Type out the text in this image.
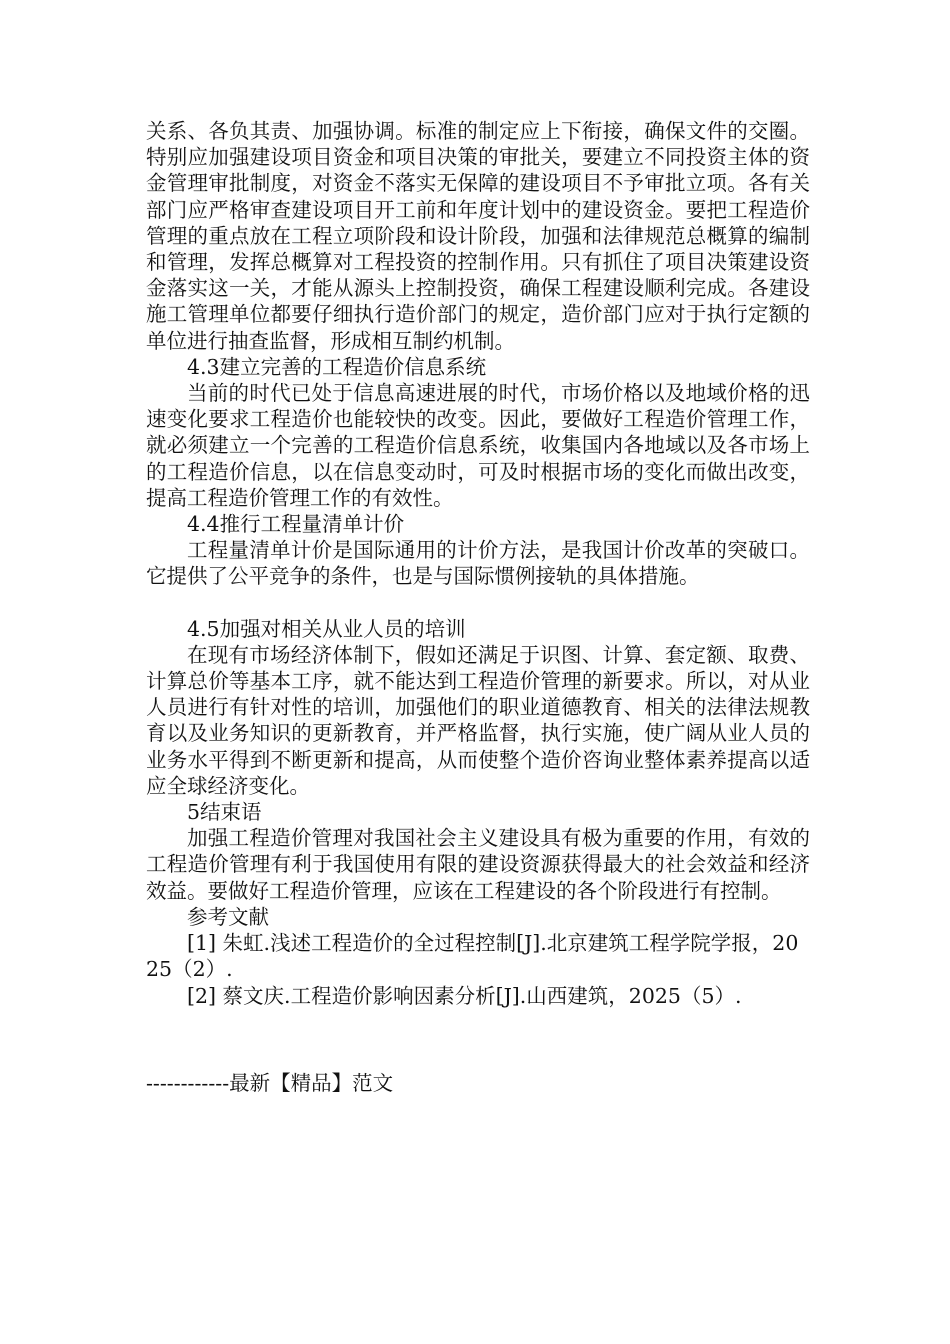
关系、各负其责、加强协调。标准的制定应上下衔接，确保文件的交圈。特别应加强建设项目资金和项目决策的审批关，要建立不同投资主体的资金管理审批制度，对资金不落实无保障的建设项目不予审批立项。各有关部门应严格审查建设项目开工前和年度计划中的建设资金。要把工程造价管理的重点放在工程立项阶段和设计阶段，加强和法律规范总概算的编制和管理，发挥总概算对工程投资的控制作用。只有抓住了项目决策建设资金落实这一关，才能从源头上控制投资，确保工程建设顺利完成。各建设施工管理单位都要仔细执行造价部门的规定，造价部门应对于执行定额的单位进行抽查监督，形成相互制约机制。

4.3建立完善的工程造价信息系统

当前的时代已处于信息高速进展的时代，市场价格以及地域价格的迅速变化要求工程造价也能较快的改变。因此，要做好工程造价管理工作，就必须建立一个完善的工程造价信息系统，收集国内各地域以及各市场上的工程造价信息，以在信息变动时，可及时根据市场的变化而做出改变，提高工程造价管理工作的有效性。

4.4推行工程量清单计价

工程量清单计价是国际通用的计价方法，是我国计价改革的突破口。它提供了公平竞争的条件，也是与国际惯例接轨的具体措施。

4.5加强对相关从业人员的培训

在现有市场经济体制下，假如还满足于识图、计算、套定额、取费、计算总价等基本工序，就不能达到工程造价管理的新要求。所以，对从业人员进行有针对性的培训，加强他们的职业道德教育、相关的法律法规教育以及业务知识的更新教育，并严格监督，执行实施，使广阔从业人员的业务水平得到不断更新和提高，从而使整个造价咨询业整体素养提高以适应全球经济变化。

5结束语

加强工程造价管理对我国社会主义建设具有极为重要的作用，有效的工程造价管理有利于我国使用有限的建设资源获得最大的社会效益和经济效益。要做好工程造价管理，应该在工程建设的各个阶段进行有控制。

参考文献

[1] 朱虹.浅述工程造价的全过程控制[J].北京建筑工程学院学报，2025（2）.

[2] 蔡文庆.工程造价影响因素分析[J].山西建筑，2025（5）.

------------最新【精品】范文
